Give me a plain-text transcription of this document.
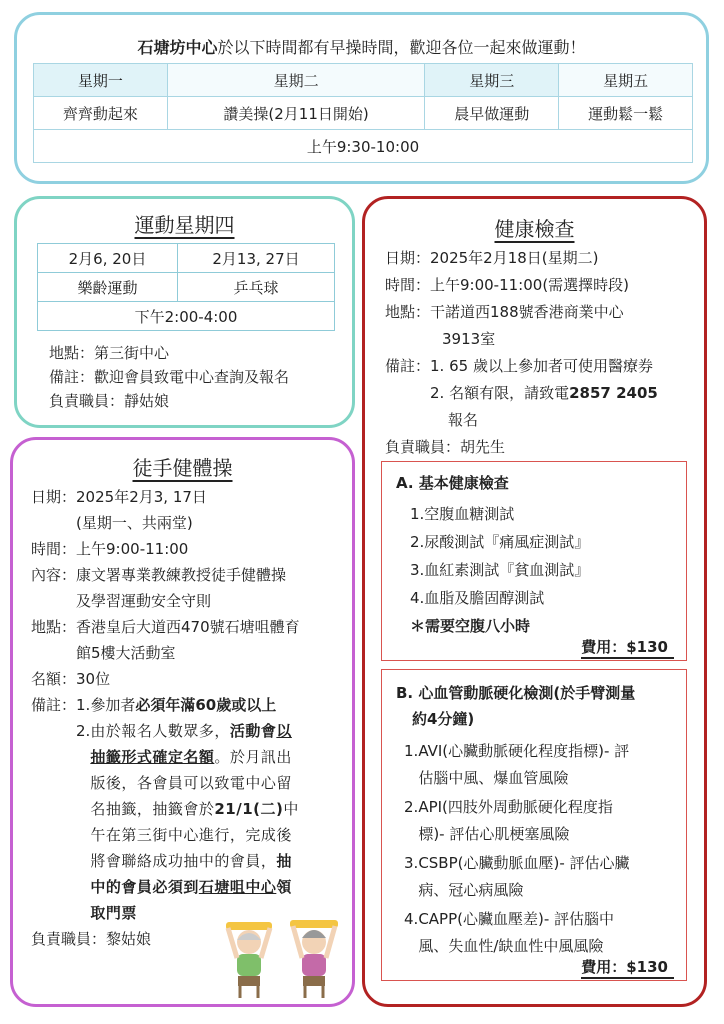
石塘坊中心於以下時間都有早操時間，歡迎各位一起來做運動！
星期一	星期二	星期三	星期五
齊齊動起來	讚美操(2月11日開始)	晨早做運動	運動鬆一鬆
上午9:30-10:00			
運動星期四
2月6, 20日	2月13, 27日
樂齡運動	乒乓球
下午2:00-4:00	
地點：第三街中心
備註：歡迎會員致電中心查詢及報名
負責職員：靜姑娘
徒手健體操
日期： 2025年2月3, 17日
(星期一、共兩堂)
時間： 上午9:00-11:00
內容： 康文署專業教練教授徒手健體操
及學習運動安全守則
地點： 香港皇后大道西470號石塘咀體育
館5樓大活動室
名額：30位
備註： 1. 參加者 必須年滿60歲或以上
2. 由於報名人數眾多，活動會以
抽籤形式確定名額。於月訊出
版後，各會員可以致電中心留
名抽籤，抽籤會於21/1(二)中
午在第三街中心進行，完成後
將會聯絡成功抽中的會員，抽
中的會員必須到石塘咀中心領
取門票
負責職員：黎姑娘
健康檢查
日期：2025年2月18日(星期二)
時間：上午9:00-11:00(需選擇時段)
地點： 干諾道西188號香港商業中心
3913室
備註： 1. 65 歲以上參加者可使用醫療券
2. 名額有限，請致電2857 2405
報名
負責職員：胡先生
A. 基本健康檢查
1.空腹血糖測試
2.尿酸測試『痛風症測試』
3.血紅素測試『貧血測試』
4.血脂及膽固醇測試
＊需要空腹八小時
費用：$130
B. 心血管動脈硬化檢測(於手臂測量
約4分鐘)
1. AVI(心臟動脈硬化程度指標)- 評
估腦中風、爆血管風險
2. API(四肢外周動脈硬化程度指
標)- 評估心肌梗塞風險
3. CSBP(心臟動脈血壓)- 評估心臟
病、冠心病風險
4. CAPP(心臟血壓差)- 評估腦中
風、失血性/缺血性中風風險
費用：$130
